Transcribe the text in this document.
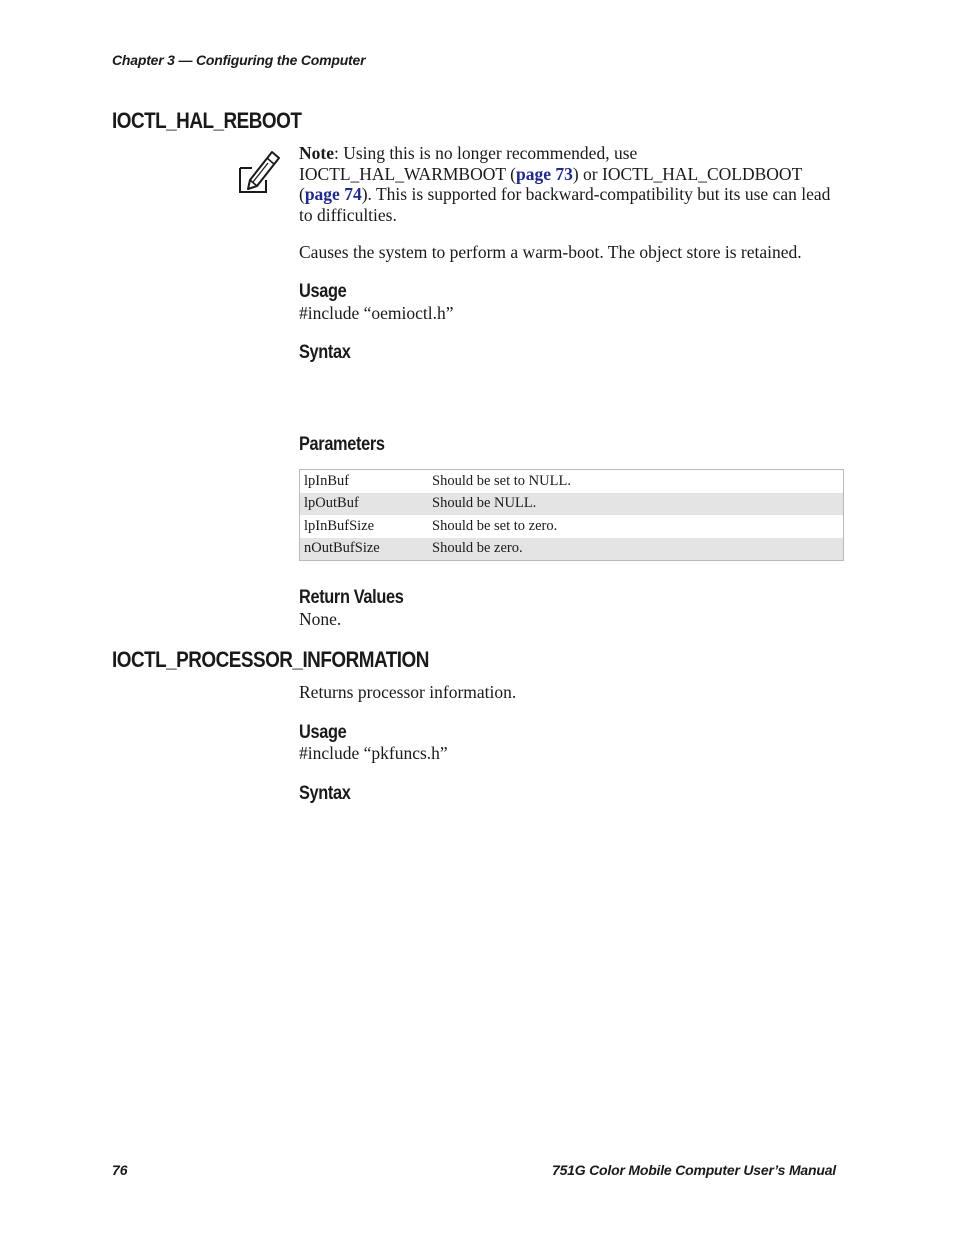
Chapter 3 — Configuring the Computer
IOCTL_HAL_REBOOT
Note: Using this is no longer recommended, use IOCTL_HAL_WARMBOOT (page 73) or IOCTL_HAL_COLDBOOT (page 74). This is supported for backward-compatibility but its use can lead to difficulties.
Causes the system to perform a warm-boot. The object store is retained.
Usage
#include “oemioctl.h”
Syntax
Parameters
lpInBuf	Should be set to NULL.
lpOutBuf	Should be NULL.
lpInBufSize	Should be set to zero.
nOutBufSize	Should be zero.
Return Values
None.
IOCTL_PROCESSOR_INFORMATION
Returns processor information.
Usage
#include “pkfuncs.h”
Syntax
76	751G Color Mobile Computer User’s Manual
